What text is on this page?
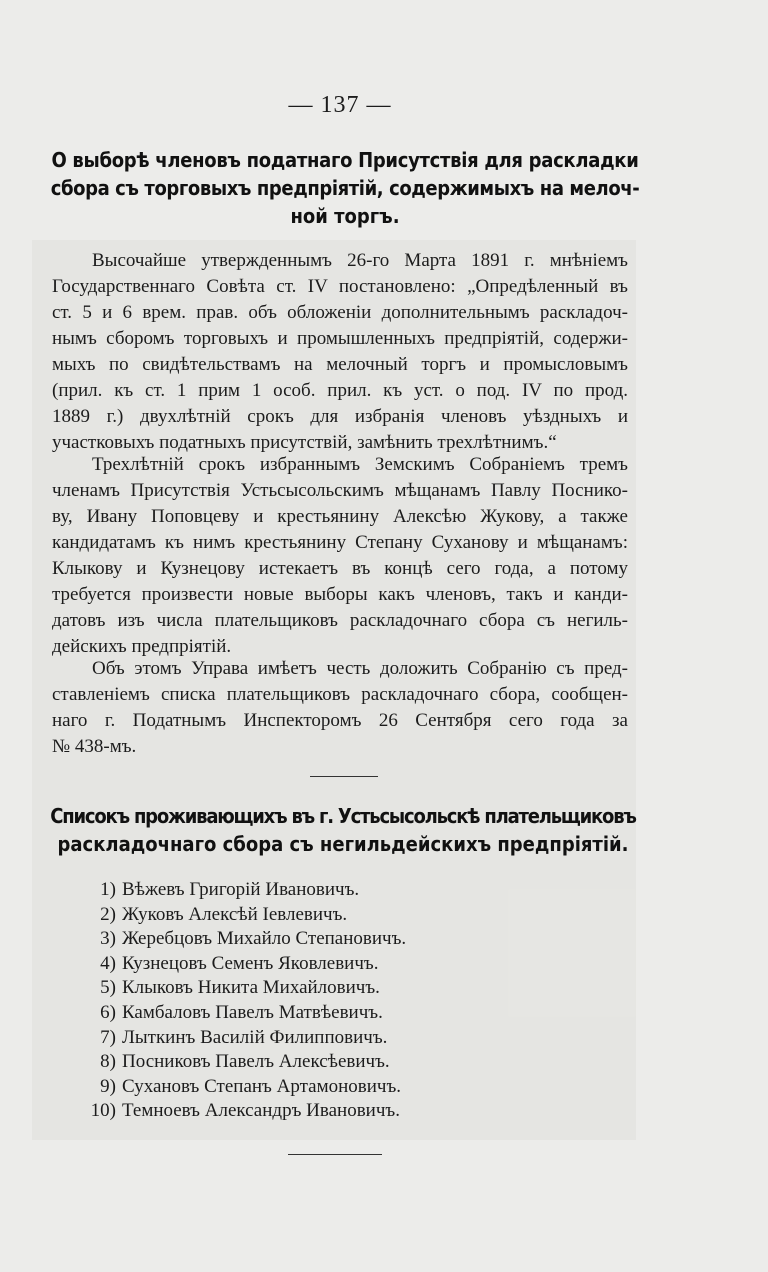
— 137 —
О выборѣ членовъ податнаго Присутствія для раскладки
сбора съ торговыхъ предпріятій, содержимыхъ на мелоч-
ной торгъ.
Высочайше утвержденнымъ 26-го Марта 1891 г. мнѣніемъ
Государственнаго Совѣта ст. IV постановлено: „Опредѣленный въ
ст. 5 и 6 врем. прав. объ обложеніи дополнительнымъ раскладоч-
нымъ сборомъ торговыхъ и промышленныхъ предпріятій, содержи-
мыхъ по свидѣтельствамъ на мелочный торгъ и промысловымъ
(прил. къ ст. 1 прим 1 особ. прил. къ уст. о под. IV по прод.
1889 г.) двухлѣтній срокъ для избранія членовъ уѣздныхъ и
участковыхъ податныхъ присутствій, замѣнить трехлѣтнимъ.“
Трехлѣтній срокъ избраннымъ Земскимъ Собраніемъ тремъ
членамъ Присутствія Устьсысольскимъ мѣщанамъ Павлу Поснико-
ву, Ивану Поповцеву и крестьянину Алексѣю Жукову, а также
кандидатамъ къ нимъ крестьянину Степану Суханову и мѣщанамъ:
Клыкову и Кузнецову истекаетъ въ концѣ сего года, а потому
требуется произвести новые выборы какъ членовъ, такъ и канди-
датовъ изъ числа плательщиковъ раскладочнаго сбора съ негиль-
дейскихъ предпріятій.
Объ этомъ Управа имѣетъ честь доложить Собранію съ пред-
ставленіемъ списка плательщиковъ раскладочнаго сбора, сообщен-
наго г. Податнымъ Инспекторомъ 26 Сентября сего года за
№ 438-мъ.
Списокъ проживающихъ въ г. Устьсысольскѣ плательщиковъ
раскладочнаго сбора съ негильдейскихъ предпріятій.
1) Вѣжевъ Григорій Ивановичъ.
2) Жуковъ Алексѣй Іевлевичъ.
3) Жеребцовъ Михайло Степановичъ.
4) Кузнецовъ Семенъ Яковлевичъ.
5) Клыковъ Никита Михайловичъ.
6) Камбаловъ Павелъ Матвѣевичъ.
7) Лыткинъ Василій Филипповичъ.
8) Посниковъ Павелъ Алексѣевичъ.
9) Сухановъ Степанъ Артамоновичъ.
10) Темноевъ Александръ Ивановичъ.
